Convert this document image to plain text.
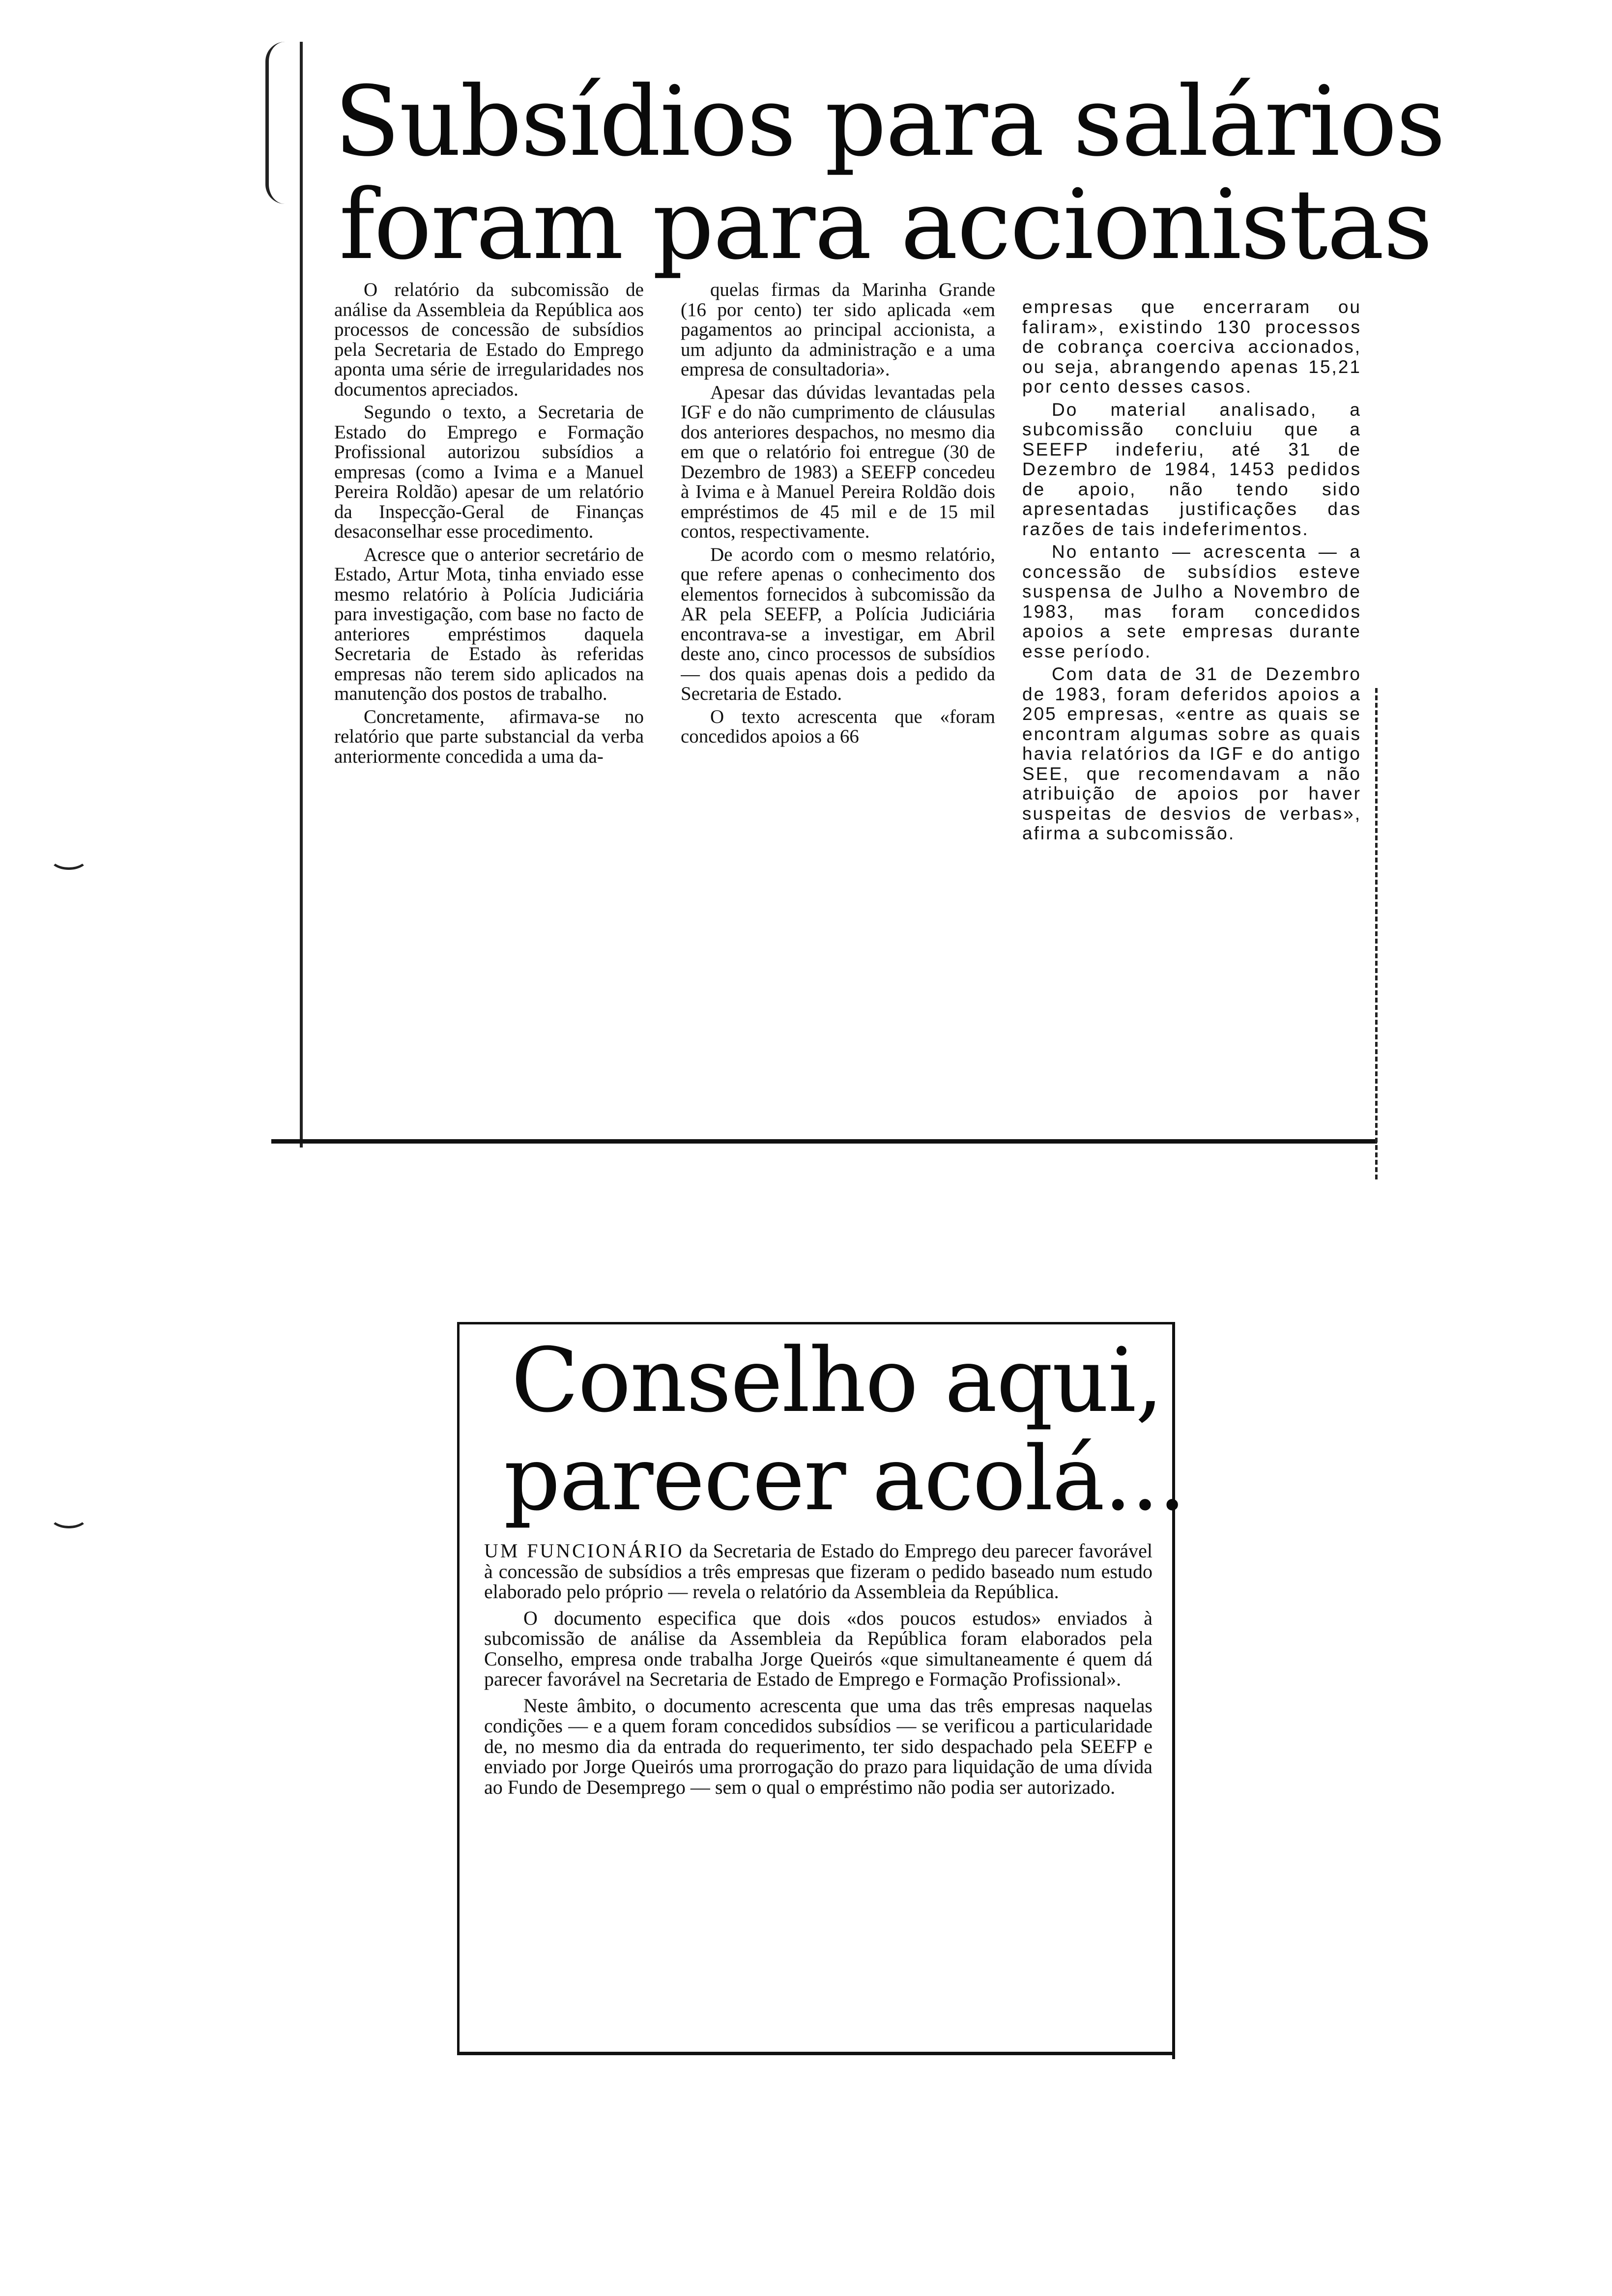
Subsídios para salários
foram para accionistas

O relatório da subcomissão de análise da Assembleia da República aos processos de concessão de subsídios pela Secretaria de Estado do Emprego aponta uma série de irregularidades nos documentos apreciados.

Segundo o texto, a Secretaria de Estado do Emprego e Formação Profissional autorizou subsídios a empresas (como a Ivima e a Manuel Pereira Roldão) apesar de um relatório da Inspecção-Geral de Finanças desaconselhar esse procedimento.

Acresce que o anterior secretário de Estado, Artur Mota, tinha enviado esse mesmo relatório à Polícia Judiciária para investigação, com base no facto de anteriores empréstimos daquela Secretaria de Estado às referidas empresas não terem sido aplicados na manutenção dos postos de trabalho.

Concretamente, afirmava-se no relatório que parte substancial da verba anteriormente concedida a uma da-

quelas firmas da Marinha Grande (16 por cento) ter sido aplicada «em pagamentos ao principal accionista, a um adjunto da administração e a uma empresa de consultadoria».

Apesar das dúvidas levantadas pela IGF e do não cumprimento de cláusulas dos anteriores despachos, no mesmo dia em que o relatório foi entregue (30 de Dezembro de 1983) a SEEFP concedeu à Ivima e à Manuel Pereira Roldão dois empréstimos de 45 mil e de 15 mil contos, respectivamente.

De acordo com o mesmo relatório, que refere apenas o conhecimento dos elementos fornecidos à subcomissão da AR pela SEEFP, a Polícia Judiciária encontrava-se a investigar, em Abril deste ano, cinco processos de subsídios — dos quais apenas dois a pedido da Secretaria de Estado.

O texto acrescenta que «foram concedidos apoios a 66

empresas que encerraram ou faliram», existindo 130 processos de cobrança coerciva accionados, ou seja, abrangendo apenas 15,21 por cento desses casos.

Do material analisado, a subcomissão concluiu que a SEEFP indeferiu, até 31 de Dezembro de 1984, 1453 pedidos de apoio, não tendo sido apresentadas justificações das razões de tais indeferimentos.

No entanto — acrescenta — a concessão de subsídios esteve suspensa de Julho a Novembro de 1983, mas foram concedidos apoios a sete empresas durante esse período.

Com data de 31 de Dezembro de 1983, foram deferidos apoios a 205 empresas, «entre as quais se encontram algumas sobre as quais havia relatórios da IGF e do antigo SEE, que recomendavam a não atribuição de apoios por haver suspeitas de desvios de verbas», afirma a subcomissão.

Conselho aqui,
parecer acolá...

UM FUNCIONÁRIO da Secretaria de Estado do Emprego deu parecer favorável à concessão de subsídios a três empresas que fizeram o pedido baseado num estudo elaborado pelo próprio — revela o relatório da Assembleia da República.

O documento especifica que dois «dos poucos estudos» enviados à subcomissão de análise da Assembleia da República foram elaborados pela Conselho, empresa onde trabalha Jorge Queirós «que simultaneamente é quem dá parecer favorável na Secretaria de Estado de Emprego e Formação Profissional».

Neste âmbito, o documento acrescenta que uma das três empresas naquelas condições — e a quem foram concedidos subsídios — se verificou a particularidade de, no mesmo dia da entrada do requerimento, ter sido despachado pela SEEFP e enviado por Jorge Queirós uma prorrogação do prazo para liquidação de uma dívida ao Fundo de Desemprego — sem o qual o empréstimo não podia ser autorizado.
